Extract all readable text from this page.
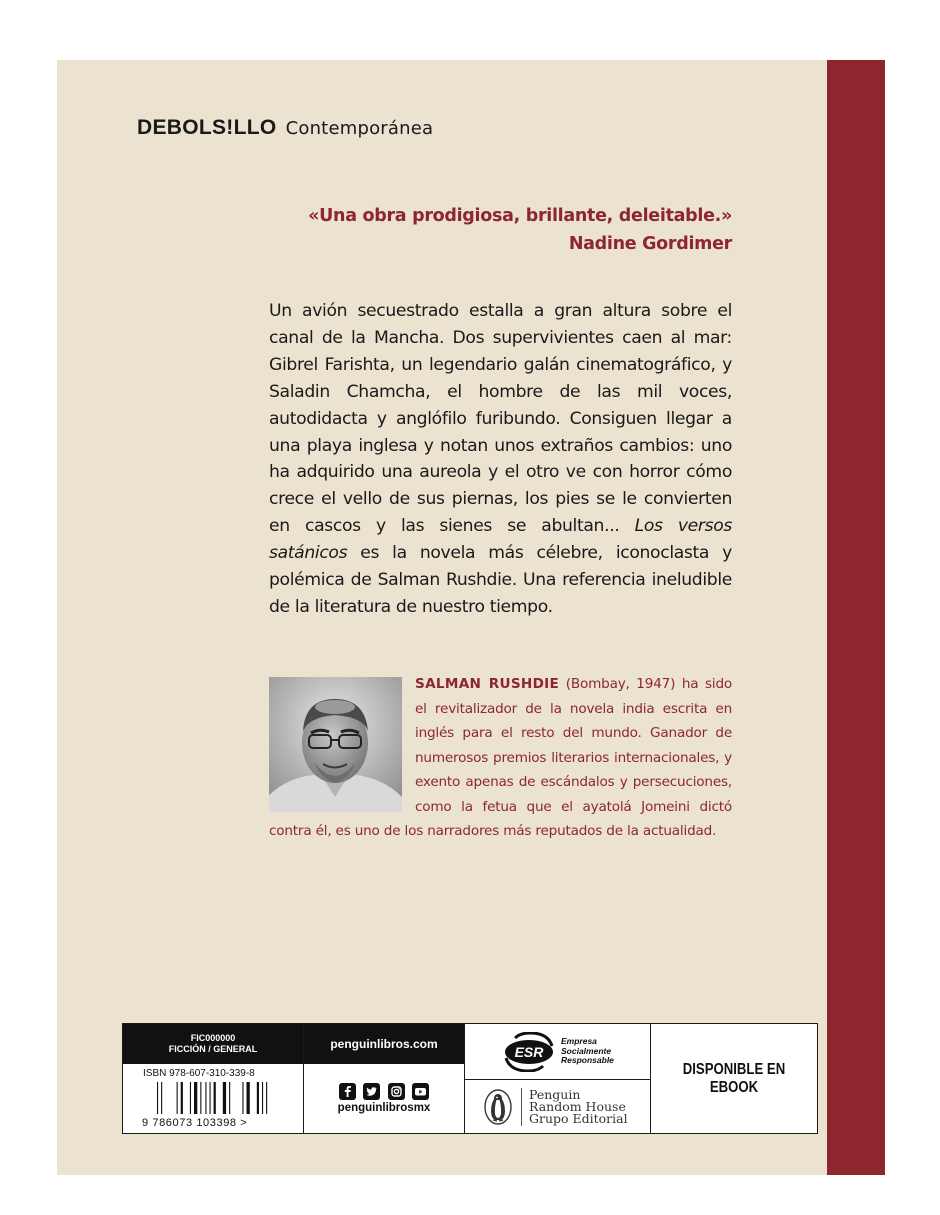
DEBOLS!LLO Contemporánea
«Una obra prodigiosa, brillante, deleitable.»
Nadine Gordimer

Un avión secuestrado estalla a gran altura sobre el canal de la Mancha. Dos supervivientes caen al mar: Gibrel Farishta, un legendario galán cinematográfico, y Saladin Chamcha, el hombre de las mil voces, autodidacta y anglófilo furibundo. Consiguen llegar a una playa inglesa y notan unos extraños cambios: uno ha adquirido una aureola y el otro ve con horror cómo crece el vello de sus piernas, los pies se le convierten en cascos y las sienes se abultan... Los versos satánicos es la novela más célebre, iconoclasta y polémica de Salman Rushdie. Una referencia ineludible de la literatura de nuestro tiempo.

SALMAN RUSHDIE (Bombay, 1947) ha sido el revitalizador de la novela india escrita en inglés para el resto del mundo. Ganador de numerosos premios literarios internacionales, y exento apenas de escándalos y persecuciones, como la fetua que el ayatolá Jomeini dictó contra él, es uno de los narradores más reputados de la actualidad.

FIC000000
FICCIÓN / GENERAL
ISBN 978-607-310-339-8
9 786073 103398 >
penguinlibros.com

penguinlibrosmx
ESR
Empresa
Socialmente
Responsable
Penguin
Random House
Grupo Editorial
DISPONIBLE EN
EBOOK
